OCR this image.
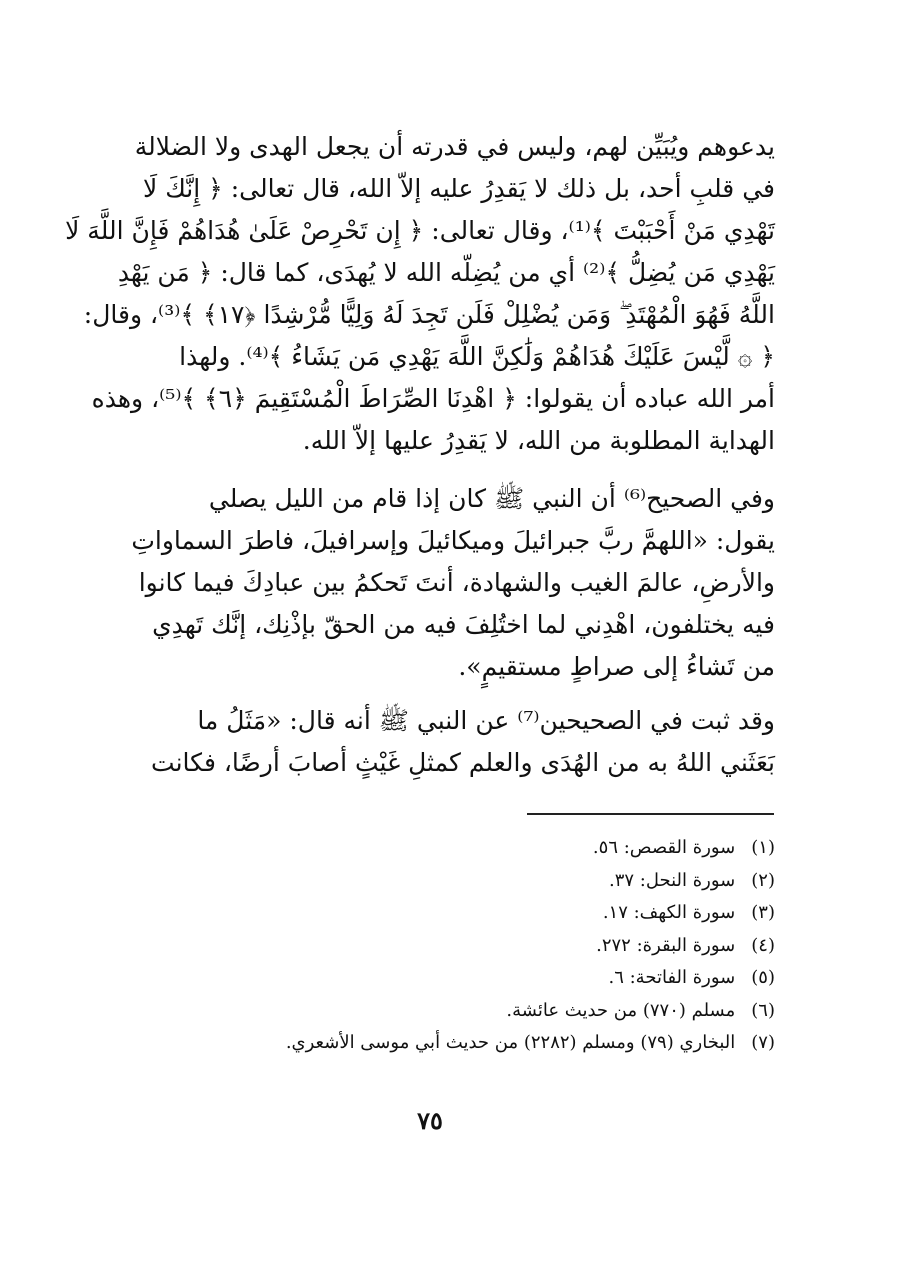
يدعوهم ويُبَيِّن لهم، وليس في قدرته أن يجعل الهدى ولا الضلالة
في قلبِ أحد، بل ذلك لا يَقدِرُ عليه إلاّ الله، قال تعالى: ﴿ إِنَّكَ لَا
تَهْدِي مَنْ أَحْبَبْتَ ﴾⁽¹⁾، وقال تعالى: ﴿ إِن تَحْرِصْ عَلَىٰ هُدَاهُمْ فَإِنَّ اللَّهَ لَا
يَهْدِي مَن يُضِلُّ ﴾⁽²⁾ أي من يُضِلّه الله لا يُهدَى، كما قال: ﴿ مَن يَهْدِ
اللَّهُ فَهُوَ الْمُهْتَدِ ۖ وَمَن يُضْلِلْ فَلَن تَجِدَ لَهُ وَلِيًّا مُّرْشِدًا ﴿١٧﴾ ﴾⁽³⁾، وقال:
﴿ ۞ لَّيْسَ عَلَيْكَ هُدَاهُمْ وَلَٰكِنَّ اللَّهَ يَهْدِي مَن يَشَاءُ ﴾⁽⁴⁾. ولهذا
أمر الله عباده أن يقولوا: ﴿ اهْدِنَا الصِّرَاطَ الْمُسْتَقِيمَ ﴿٦﴾ ﴾⁽⁵⁾، وهذه
الهداية المطلوبة من الله، لا يَقدِرُ عليها إلاّ الله.
وفي الصحيح⁽⁶⁾ أن النبي ﷺ كان إذا قام من الليل يصلي
يقول: «اللهمَّ ربَّ جبرائيلَ وميكائيلَ وإسرافيلَ، فاطرَ السماواتِ
والأرضِ، عالمَ الغيب والشهادة، أنتَ تَحكمُ بين عبادِكَ فيما كانوا
فيه يختلفون، اهْدِني لما اختُلِفَ فيه من الحقّ بإذْنِك، إنَّك تَهدِي
من تَشاءُ إلى صراطٍ مستقيمٍ».
وقد ثبت في الصحيحين⁽⁷⁾ عن النبي ﷺ أنه قال: «مَثَلُ ما
بَعَثَني اللهُ به من الهُدَى والعلم كمثلِ غَيْثٍ أصابَ أرضًا، فكانت
(١) سورة القصص: ٥٦.
(٢) سورة النحل: ٣٧.
(٣) سورة الكهف: ١٧.
(٤) سورة البقرة: ٢٧٢.
(٥) سورة الفاتحة: ٦.
(٦) مسلم (٧٧٠) من حديث عائشة.
(٧) البخاري (٧٩) ومسلم (٢٢٨٢) من حديث أبي موسى الأشعري.
٧٥
